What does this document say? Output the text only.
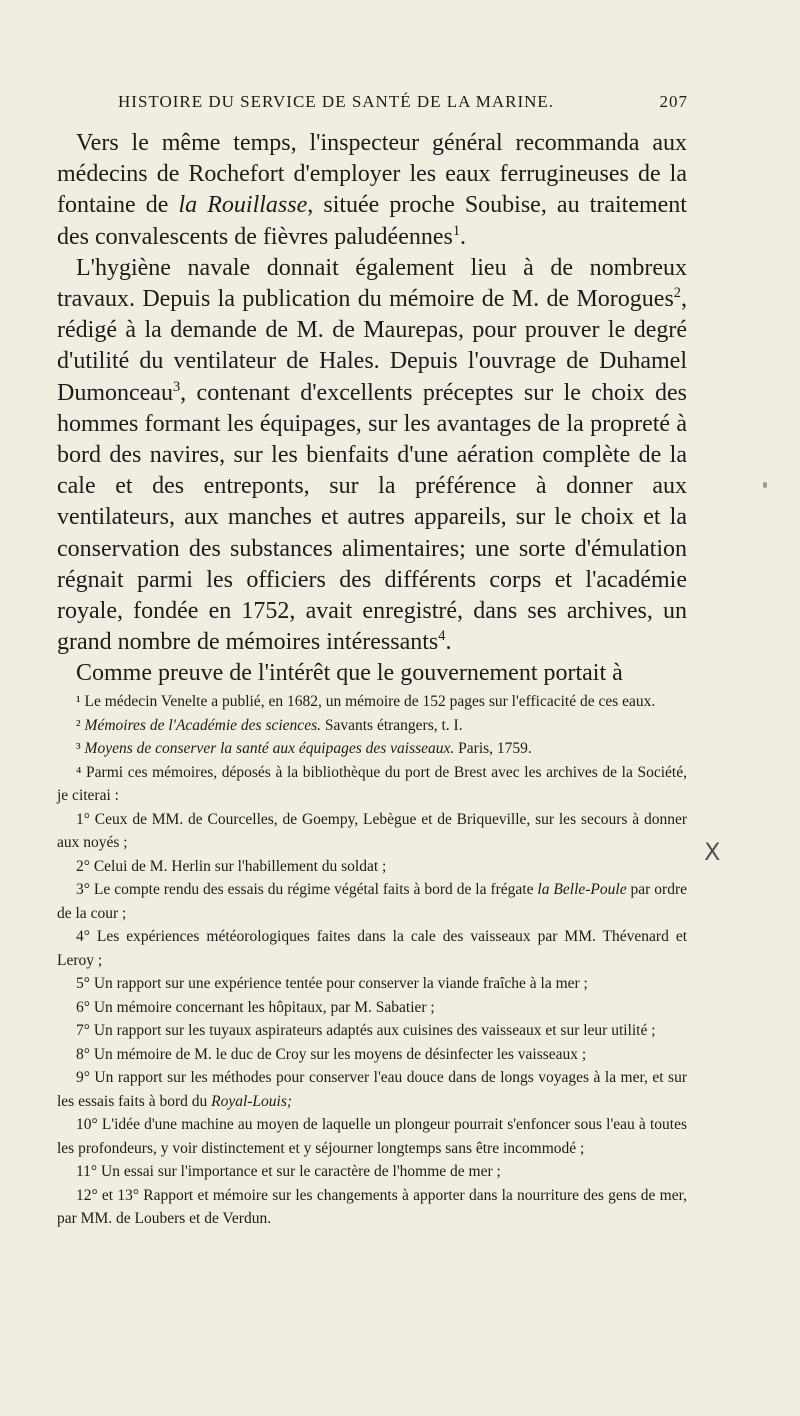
HISTOIRE DU SERVICE DE SANTÉ DE LA MARINE.	207

Vers le même temps, l'inspecteur général recommanda aux médecins de Rochefort d'employer les eaux ferrugineuses de la fontaine de la Rouillasse, située proche Soubise, au traitement des convalescents de fièvres paludéennes$^1$.

L'hygiène navale donnait également lieu à de nombreux travaux. Depuis la publication du mémoire de M. de Morogues$^2$, rédigé à la demande de M. de Maurepas, pour prouver le degré d'utilité du ventilateur de Hales. Depuis l'ouvrage de Duhamel Dumonceau$^3$, contenant d'excellents préceptes sur le choix des hommes formant les équipages, sur les avantages de la propreté à bord des navires, sur les bienfaits d'une aération complète de la cale et des entreponts, sur la préférence à donner aux ventilateurs, aux manches et autres appareils, sur le choix et la conservation des substances alimentaires; une sorte d'émulation régnait parmi les officiers des différents corps et l'académie royale, fondée en 1752, avait enregistré, dans ses archives, un grand nombre de mémoires intéressants$^4$.

Comme preuve de l'intérêt que le gouvernement portait à

¹ Le médecin Venelte a publié, en 1682, un mémoire de 152 pages sur l'efficacité de ces eaux.

² Mémoires de l'Académie des sciences. Savants étrangers, t. I.

³ Moyens de conserver la santé aux équipages des vaisseaux. Paris, 1759.

⁴ Parmi ces mémoires, déposés à la bibliothèque du port de Brest avec les archives de la Société, je citerai :

1° Ceux de MM. de Courcelles, de Goempy, Lebègue et de Briqueville, sur les secours à donner aux noyés ;

2° Celui de M. Herlin sur l'habillement du soldat ;

3° Le compte rendu des essais du régime végétal faits à bord de la frégate la Belle-Poule par ordre de la cour ;

4° Les expériences météorologiques faites dans la cale des vaisseaux par MM. Thévenard et Leroy ;

5° Un rapport sur une expérience tentée pour conserver la viande fraîche à la mer ;

6° Un mémoire concernant les hôpitaux, par M. Sabatier ;

7° Un rapport sur les tuyaux aspirateurs adaptés aux cuisines des vaisseaux et sur leur utilité ;

8° Un mémoire de M. le duc de Croy sur les moyens de désinfecter les vaisseaux ;

9° Un rapport sur les méthodes pour conserver l'eau douce dans de longs voyages à la mer, et sur les essais faits à bord du Royal-Louis;

10° L'idée d'une machine au moyen de laquelle un plongeur pourrait s'enfoncer sous l'eau à toutes les profondeurs, y voir distinctement et y séjourner longtemps sans être incommodé ;

11° Un essai sur l'importance et sur le caractère de l'homme de mer ;

12° et 13° Rapport et mémoire sur les changements à apporter dans la nourriture des gens de mer, par MM. de Loubers et de Verdun.

X
